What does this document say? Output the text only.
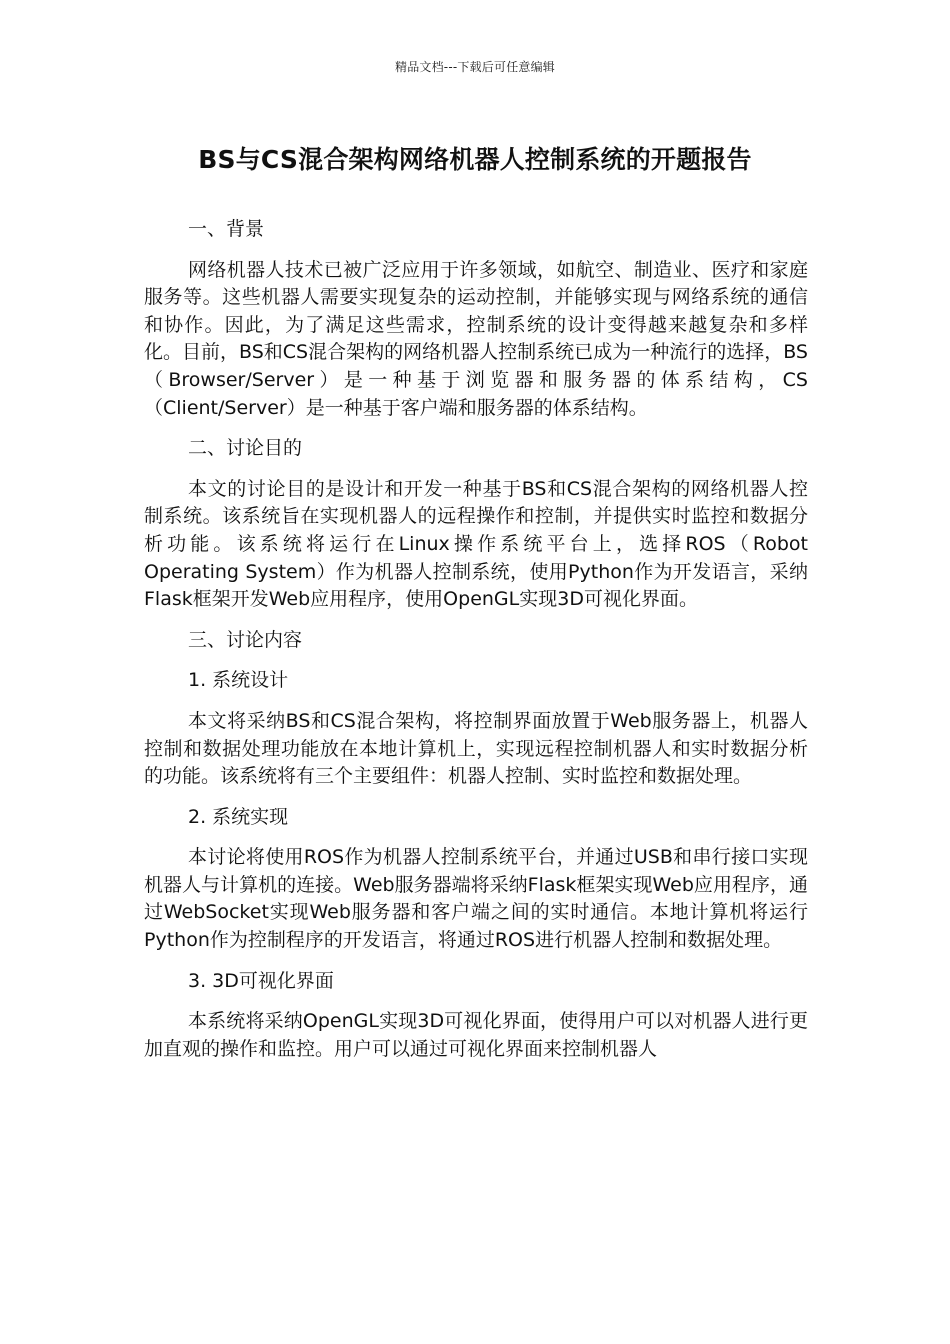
精品文档---下载后可任意编辑
BS与CS混合架构网络机器人控制系统的开题报告

一、背景

网络机器人技术已被广泛应用于许多领域，如航空、制造业、医疗和家庭服务等。这些机器人需要实现复杂的运动控制，并能够实现与网络系统的通信和协作。因此，为了满足这些需求，控制系统的设计变得越来越复杂和多样化。目前，BS和CS混合架构的网络机器人控制系统已成为一种流行的选择，BS（Browser/Server）是一种基于浏览器和服务器的体系结构，CS（Client/Server）是一种基于客户端和服务器的体系结构。

二、讨论目的

本文的讨论目的是设计和开发一种基于BS和CS混合架构的网络机器人控制系统。该系统旨在实现机器人的远程操作和控制，并提供实时监控和数据分析功能。该系统将运行在Linux操作系统平台上，选择ROS（Robot Operating System）作为机器人控制系统，使用Python作为开发语言，采纳Flask框架开发Web应用程序，使用OpenGL实现3D可视化界面。

三、讨论内容

1. 系统设计

本文将采纳BS和CS混合架构，将控制界面放置于Web服务器上，机器人控制和数据处理功能放在本地计算机上，实现远程控制机器人和实时数据分析的功能。该系统将有三个主要组件：机器人控制、实时监控和数据处理。

2. 系统实现

本讨论将使用ROS作为机器人控制系统平台，并通过USB和串行接口实现机器人与计算机的连接。Web服务器端将采纳Flask框架实现Web应用程序，通过WebSocket实现Web服务器和客户端之间的实时通信。本地计算机将运行Python作为控制程序的开发语言，将通过ROS进行机器人控制和数据处理。

3. 3D可视化界面

本系统将采纳OpenGL实现3D可视化界面，使得用户可以对机器人进行更加直观的操作和监控。用户可以通过可视化界面来控制机器人
